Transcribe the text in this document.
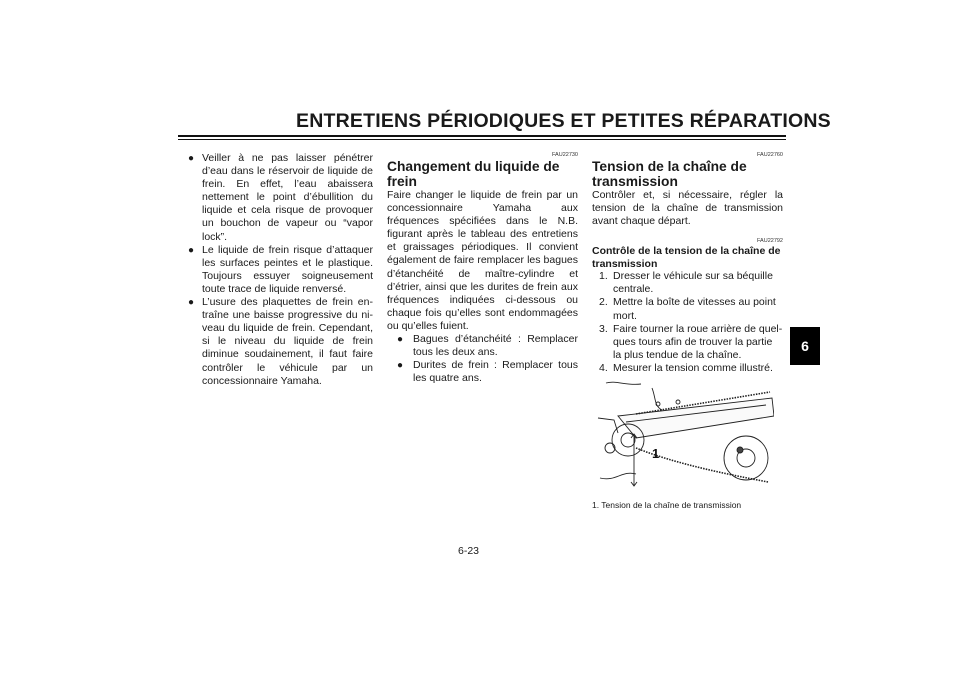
ENTRETIENS PÉRIODIQUES ET PETITES RÉPARATIONS
6

● Veiller à ne pas laisser pénétrer d’eau dans le réservoir de liquide de frein. En effet, l’eau abaissera nettement le point d’ébullition du liquide et cela risque de provoquer un bouchon de vapeur ou “vapor lock”.

● Le liquide de frein risque d’attaquer les surfaces peintes et le plastique. Toujours essuyer soigneusement toute trace de liquide renversé.

● L’usure des plaquettes de frein entraîne une baisse progressive du niveau du liquide de frein. Cependant, si le niveau du liquide de frein diminue soudainement, il faut faire contrôler le véhicule par un concessionnaire Yamaha.

FAU22730
Changement du liquide de frein

Faire changer le liquide de frein par un concessionnaire Yamaha aux fréquences spécifiées dans le N.B. figurant après le tableau des entretiens et graissages périodiques. Il convient également de faire remplacer les bagues d’étanchéité de maître-cylindre et d’étrier, ainsi que les durites de frein aux fréquences indiquées ci-dessous ou chaque fois qu’elles sont endommagées ou qu’elles fuient.

● Bagues d’étanchéité : Remplacer tous les deux ans.

● Durites de frein : Remplacer tous les quatre ans.

FAU22760
Tension de la chaîne de transmission

Contrôler et, si nécessaire, régler la tension de la chaîne de transmission avant chaque départ.

FAU22792
Contrôle de la tension de la chaîne de transmission

1. Dresser le véhicule sur sa béquille centrale.

2. Mettre la boîte de vitesses au point mort.

3. Faire tourner la roue arrière de quelques tours afin de trouver la partie la plus tendue de la chaîne.

4. Mesurer la tension comme illustré.

1
1. Tension de la chaîne de transmission
6-23
